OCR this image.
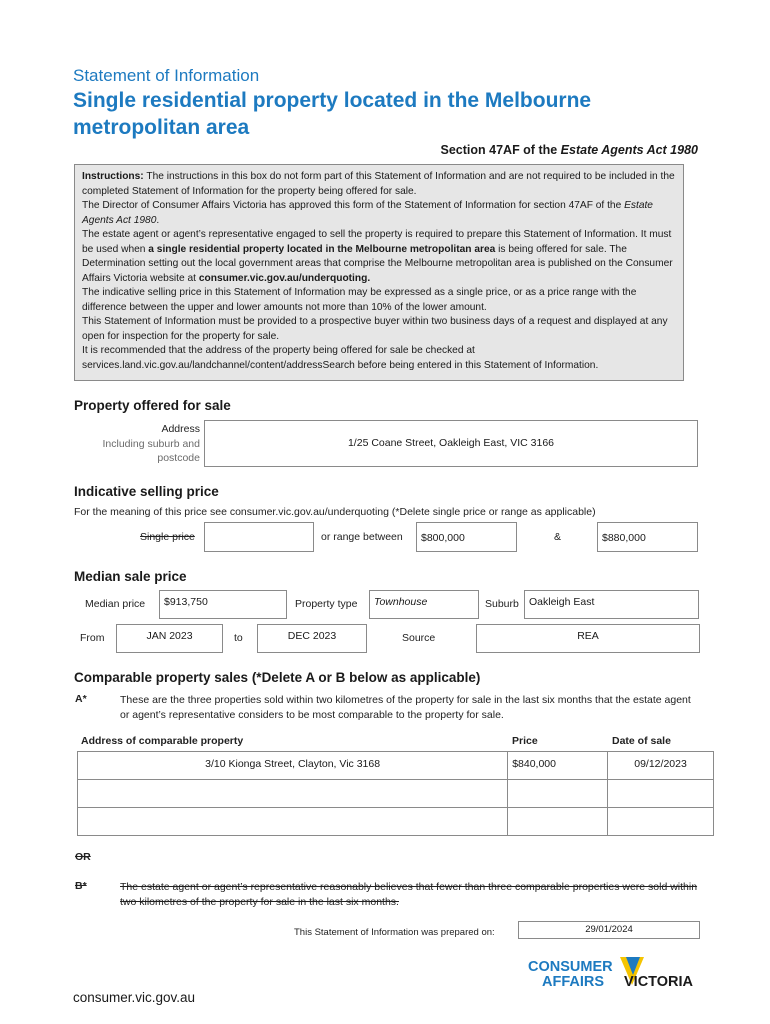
Statement of Information
Single residential property located in the Melbourne metropolitan area
Section 47AF of the Estate Agents Act 1980

Instructions: The instructions in this box do not form part of this Statement of Information and are not required to be included in the completed Statement of Information for the property being offered for sale.

The Director of Consumer Affairs Victoria has approved this form of the Statement of Information for section 47AF of the Estate Agents Act 1980.

The estate agent or agent’s representative engaged to sell the property is required to prepare this Statement of Information. It must be used when a single residential property located in the Melbourne metropolitan area is being offered for sale. The Determination setting out the local government areas that comprise the Melbourne metropolitan area is published on the Consumer Affairs Victoria website at consumer.vic.gov.au/underquoting.

The indicative selling price in this Statement of Information may be expressed as a single price, or as a price range with the difference between the upper and lower amounts not more than 10% of the lower amount.

This Statement of Information must be provided to a prospective buyer within two business days of a request and displayed at any open for inspection for the property for sale.

It is recommended that the address of the property being offered for sale be checked at services.land.vic.gov.au/landchannel/content/addressSearch before being entered in this Statement of Information.

Property offered for sale
Address
Including suburb and
postcode
1/25 Coane Street, Oakleigh East, VIC 3166
Indicative selling price
For the meaning of this price see consumer.vic.gov.au/underquoting (*Delete single price or range as applicable)
Single price	or range between	$800,000	&	$880,000
Median sale price
Median price	$913,750	Property type	Townhouse	Suburb Oakleigh East
From	JAN 2023	to	DEC 2023	Source	REA
Comparable property sales (*Delete A or B below as applicable)
A*	These are the three properties sold within two kilometres of the property for sale in the last six months that the estate agent or agent’s representative considers to be most comparable to the property for sale.
Address of comparable property	Price	Date of sale
3/10 Kionga Street, Clayton, Vic 3168	$840,000	09/12/2023

OR
B*	The estate agent or agent’s representative reasonably believes that fewer than three comparable properties were sold within two kilometres of the property for sale in the last six months.
This Statement of Information was prepared on:	29/01/2024
CONSUMER
AFFAIRS VICTORIA
consumer.vic.gov.au
